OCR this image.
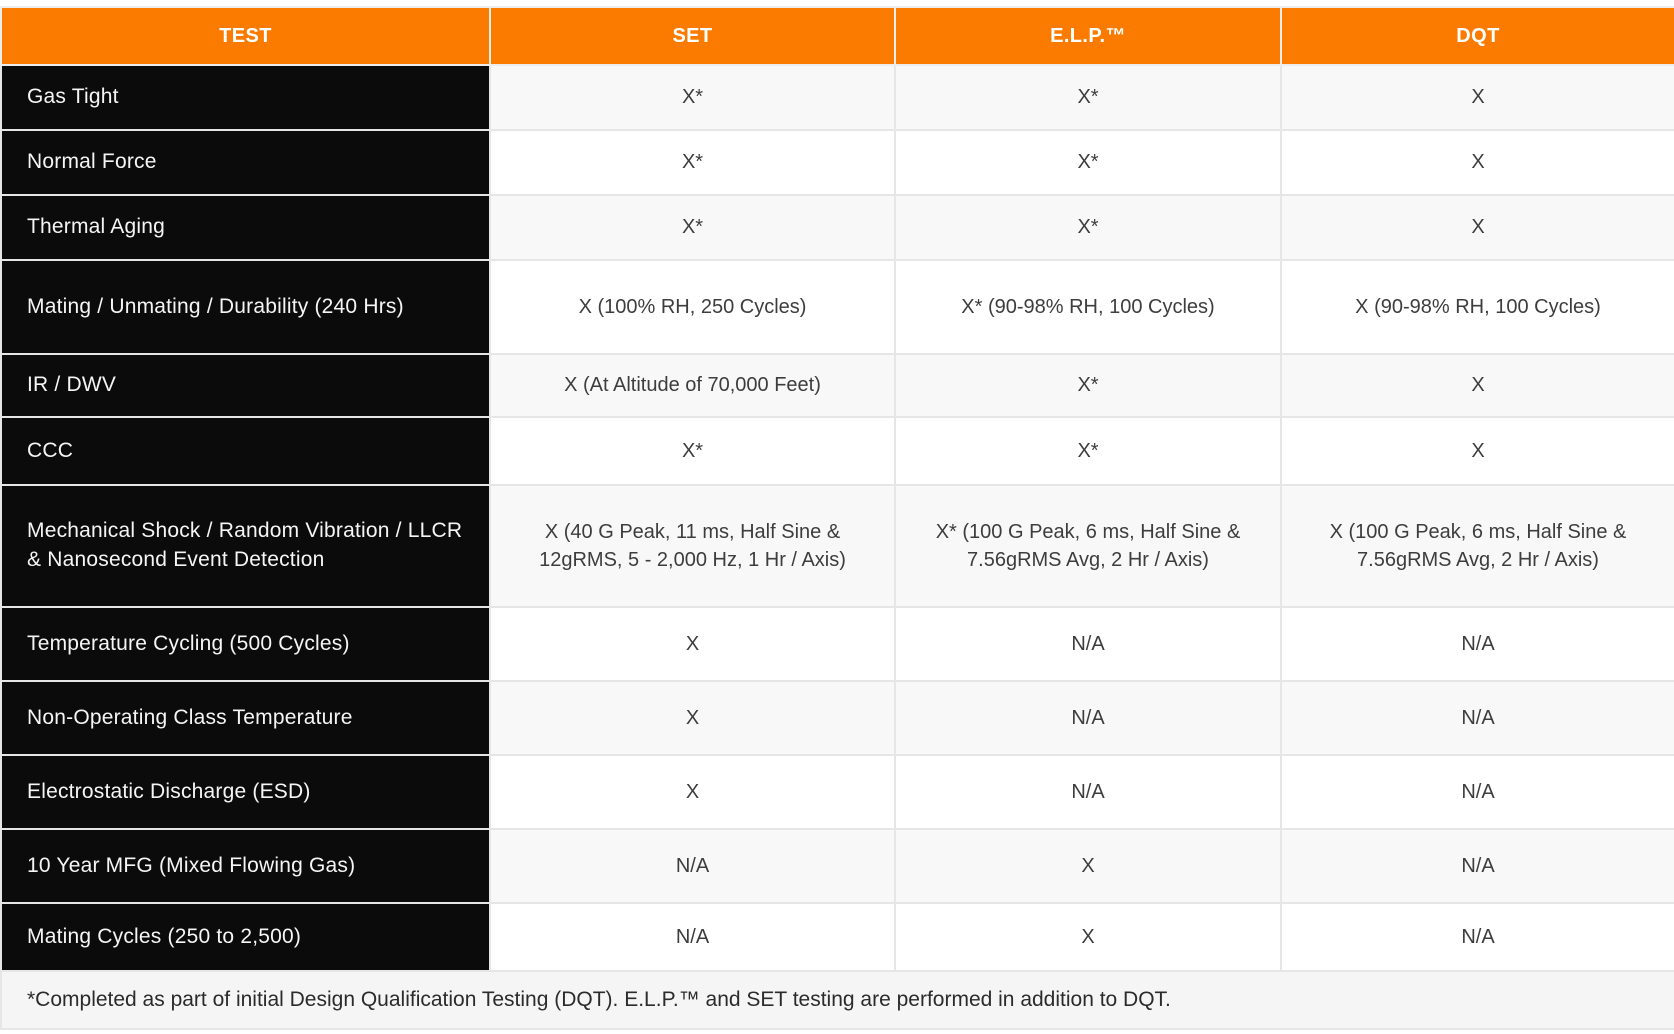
TEST	SET	E.L.P.™	DQT
Gas Tight	X*	X*	X
Normal Force	X*	X*	X
Thermal Aging	X*	X*	X
Mating / Unmating / Durability (240 Hrs)	X (100% RH, 250 Cycles)	X* (90-98% RH, 100 Cycles)	X (90-98% RH, 100 Cycles)
IR / DWV	X (At Altitude of 70,000 Feet)	X*	X
CCC	X*	X*	X
Mechanical Shock / Random Vibration / LLCR & Nanosecond Event Detection	X (40 G Peak, 11 ms, Half Sine & 12gRMS, 5 - 2,000 Hz, 1 Hr / Axis)	X* (100 G Peak, 6 ms, Half Sine & 7.56gRMS Avg, 2 Hr / Axis)	X (100 G Peak, 6 ms, Half Sine & 7.56gRMS Avg, 2 Hr / Axis)
Temperature Cycling (500 Cycles)	X	N/A	N/A
Non-Operating Class Temperature	X	N/A	N/A
Electrostatic Discharge (ESD)	X	N/A	N/A
10 Year MFG (Mixed Flowing Gas)	N/A	X	N/A
Mating Cycles (250 to 2,500)	N/A	X	N/A
*Completed as part of initial Design Qualification Testing (DQT). E.L.P.™ and SET testing are performed in addition to DQT.			
